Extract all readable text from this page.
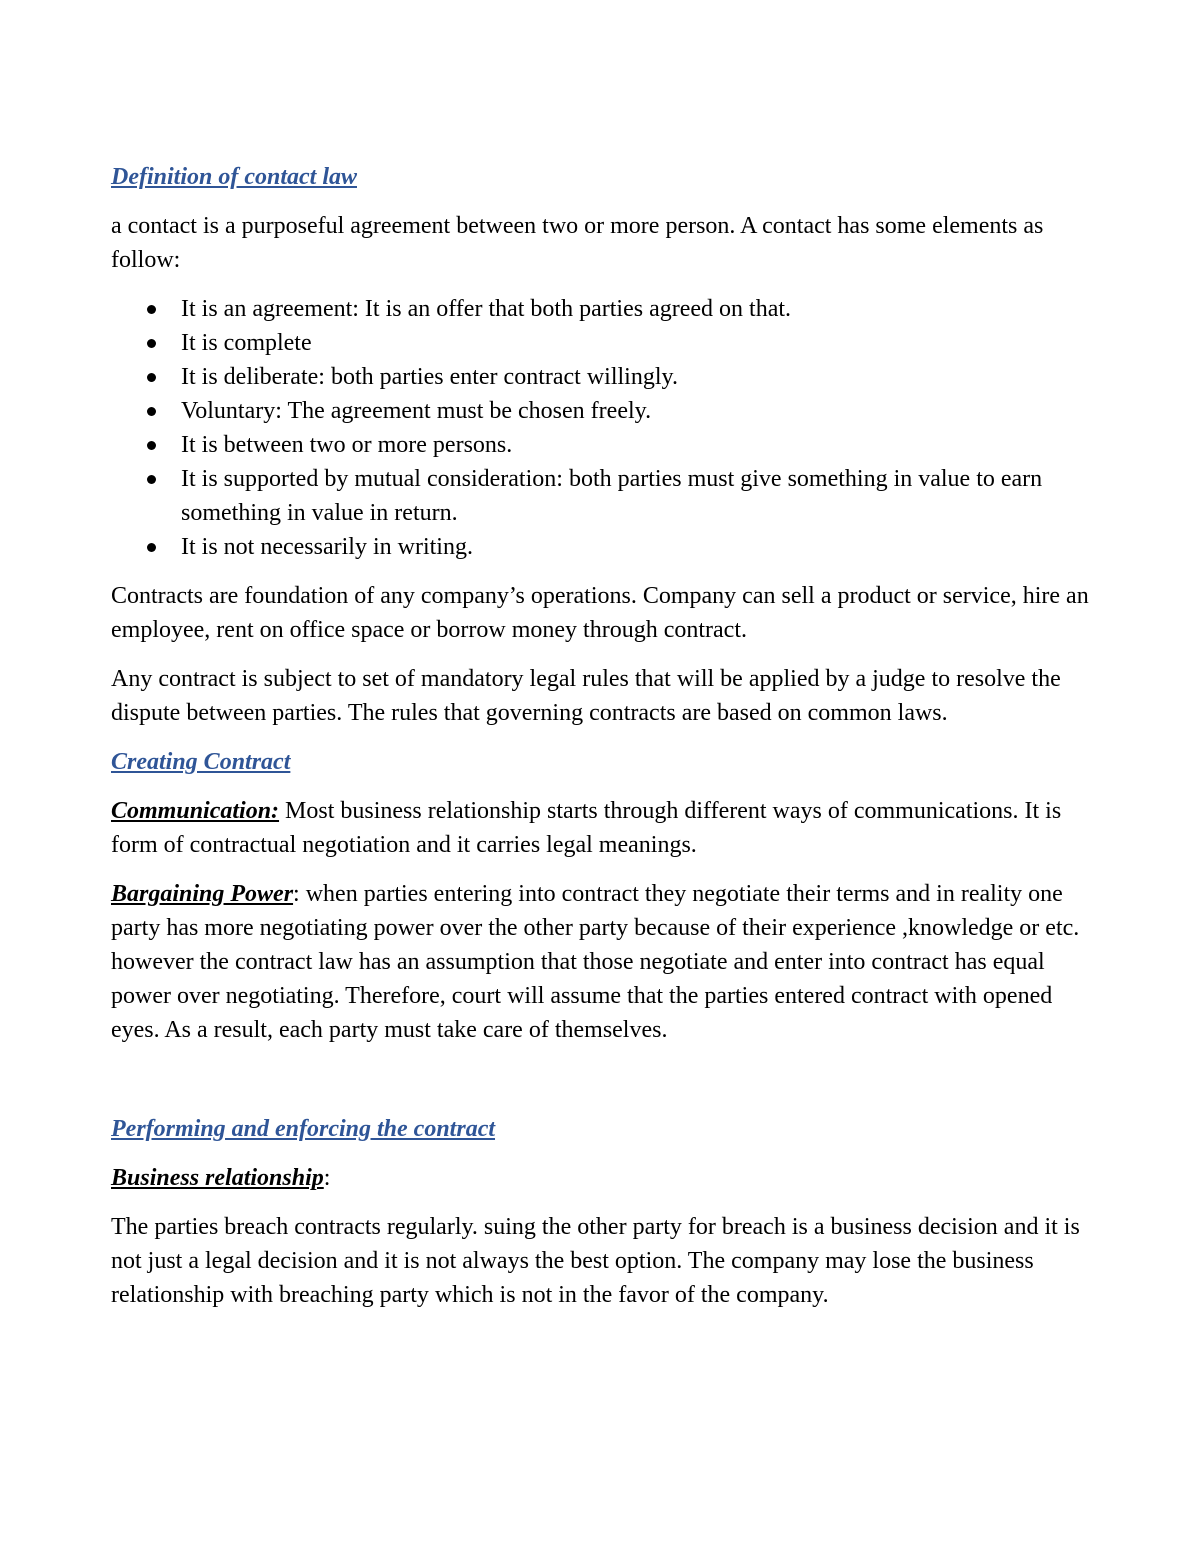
Definition of contact law

a contact is a purposeful agreement between two or more person. A contact has some elements as follow:

It is an agreement: It is an offer that both parties agreed on that.
It is complete
It is deliberate: both parties enter contract willingly.
Voluntary: The agreement must be chosen freely.
It is between two or more persons.
It is supported by mutual consideration: both parties must give something in value to earn something in value in return.
It is not necessarily in writing.

Contracts are foundation of any company’s operations. Company can sell a product or service, hire an employee, rent on office space or borrow money through contract.

Any contract is subject to set of mandatory legal rules that will be applied by a judge to resolve the dispute between parties. The rules that governing contracts are based on common laws.

Creating Contract

Communication: Most business relationship starts through different ways of communications. It is form of contractual negotiation and it carries legal meanings.

Bargaining Power: when parties entering into contract they negotiate their terms and in reality one party has more negotiating power over the other party because of their experience ,knowledge or etc. however the contract law has an assumption that those negotiate and enter into contract has equal power over negotiating. Therefore, court will assume that the parties entered contract with opened eyes. As a result, each party must take care of themselves.

Performing and enforcing the contract

Business relationship:

The parties breach contracts regularly. suing the other party for breach is a business decision and it is not just a legal decision and it is not always the best option. The company may lose the business relationship with breaching party which is not in the favor of the company.
